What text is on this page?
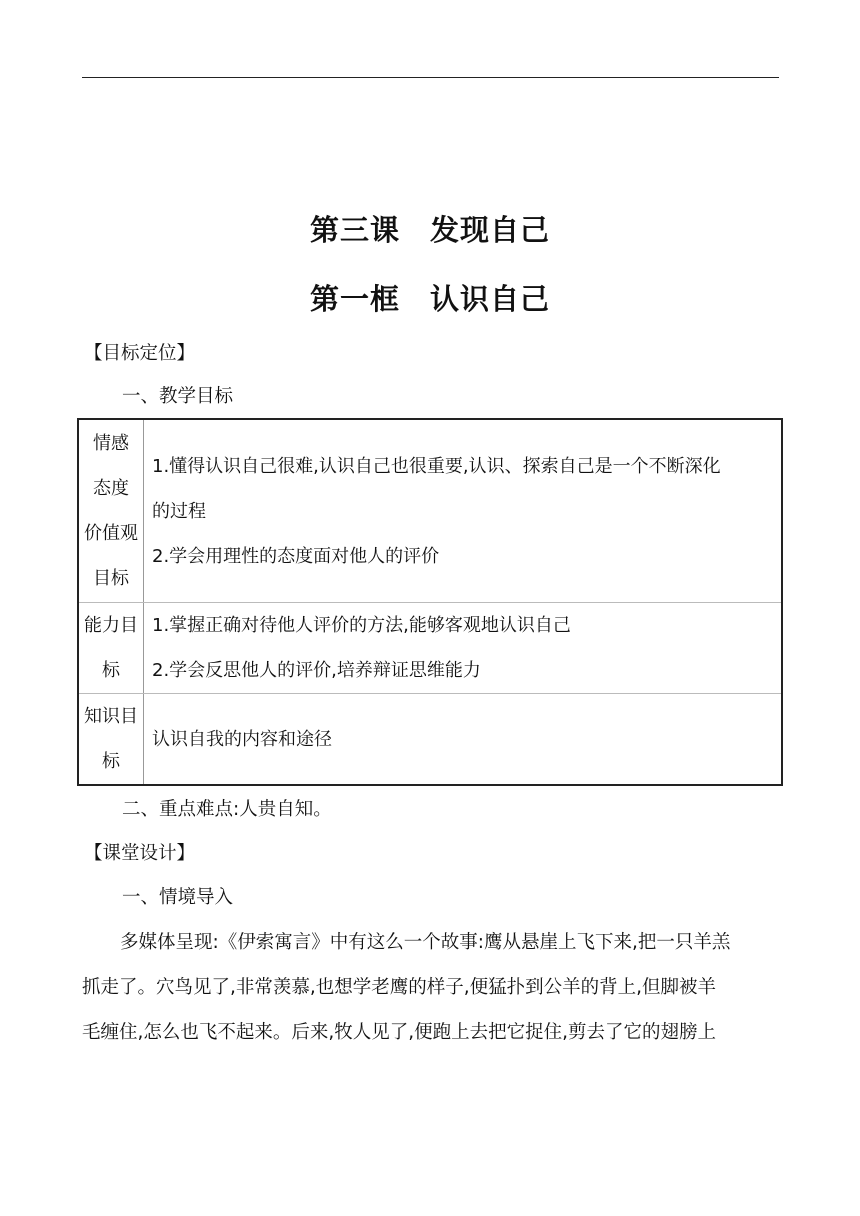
第三课　发现自己
第一框　认识自己
【目标定位】
一、教学目标
情感
态度
价值观
目标	1.懂得认识自己很难,认识自己也很重要,认识、探索自己是一个不断深化
的过程
2.学会用理性的态度面对他人的评价

能力目
标	1.掌握正确对待他人评价的方法,能够客观地认识自己
2.学会反思他人的评价,培养辩证思维能力

知识目
标	认识自我的内容和途径
二、重点难点:人贵自知。
【课堂设计】
一、情境导入
多媒体呈现:《伊索寓言》中有这么一个故事:鹰从悬崖上飞下来,把一只羊羔
抓走了。穴鸟见了,非常羡慕,也想学老鹰的样子,便猛扑到公羊的背上,但脚被羊
毛缠住,怎么也飞不起来。后来,牧人见了,便跑上去把它捉住,剪去了它的翅膀上
